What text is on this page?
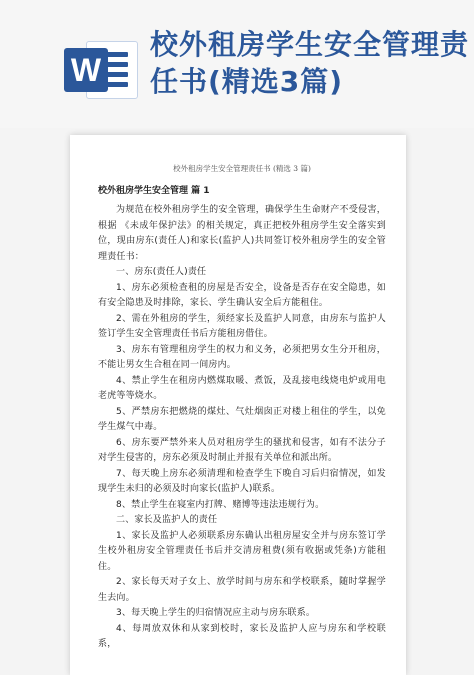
W
校外租房学生安全管理责任书(精选3篇)
校外租房学生安全管理责任书 (精选 3 篇)
校外租房学生安全管理 篇 1

为规范在校外租房学生的安全管理，确保学生生命财产不受侵害，根据 《未成年保护法》的相关规定，真正把校外租房学生安全落实到位，现由房东(责任人)和家长(监护人)共同签订校外租房学生的安全管理责任书：

一、房东(责任人)责任

1、房东必须检查租的房屋是否安全，设备是否存在安全隐患，如有安全隐患及时排除，家长、学生确认安全后方能租住。

2、需在外租房的学生，须经家长及监护人同意，由房东与监护人签订学生安全管理责任书后方能租房借住。

3、房东有管理租房学生的权力和义务，必须把男女生分开租房，不能让男女生合租在同一间房内。

4、禁止学生在租房内燃煤取暖、煮饭，及乱接电线烧电炉或用电老虎等等烧水。

5、严禁房东把燃烧的煤灶、气灶烟囱正对楼上租住的学生，以免学生煤气中毒。

6、房东要严禁外来人员对租房学生的骚扰和侵害，如有不法分子对学生侵害的，房东必须及时制止并报有关单位和派出所。

7、每天晚上房东必须清理和检查学生下晚自习后归宿情况，如发现学生未归的必须及时向家长(监护人)联系。

8、禁止学生在寝室内打牌、赌博等违法违规行为。

二、家长及监护人的责任

1、家长及监护人必须联系房东确认出租房屋安全并与房东签订学生校外租房安全管理责任书后并交清房租费(须有收据或凭条)方能租住。

2、家长每天对子女上、放学时间与房东和学校联系，随时掌握学生去向。

3、每天晚上学生的归宿情况应主动与房东联系。

4、每周放双休和从家到校时，家长及监护人应与房东和学校联系，
